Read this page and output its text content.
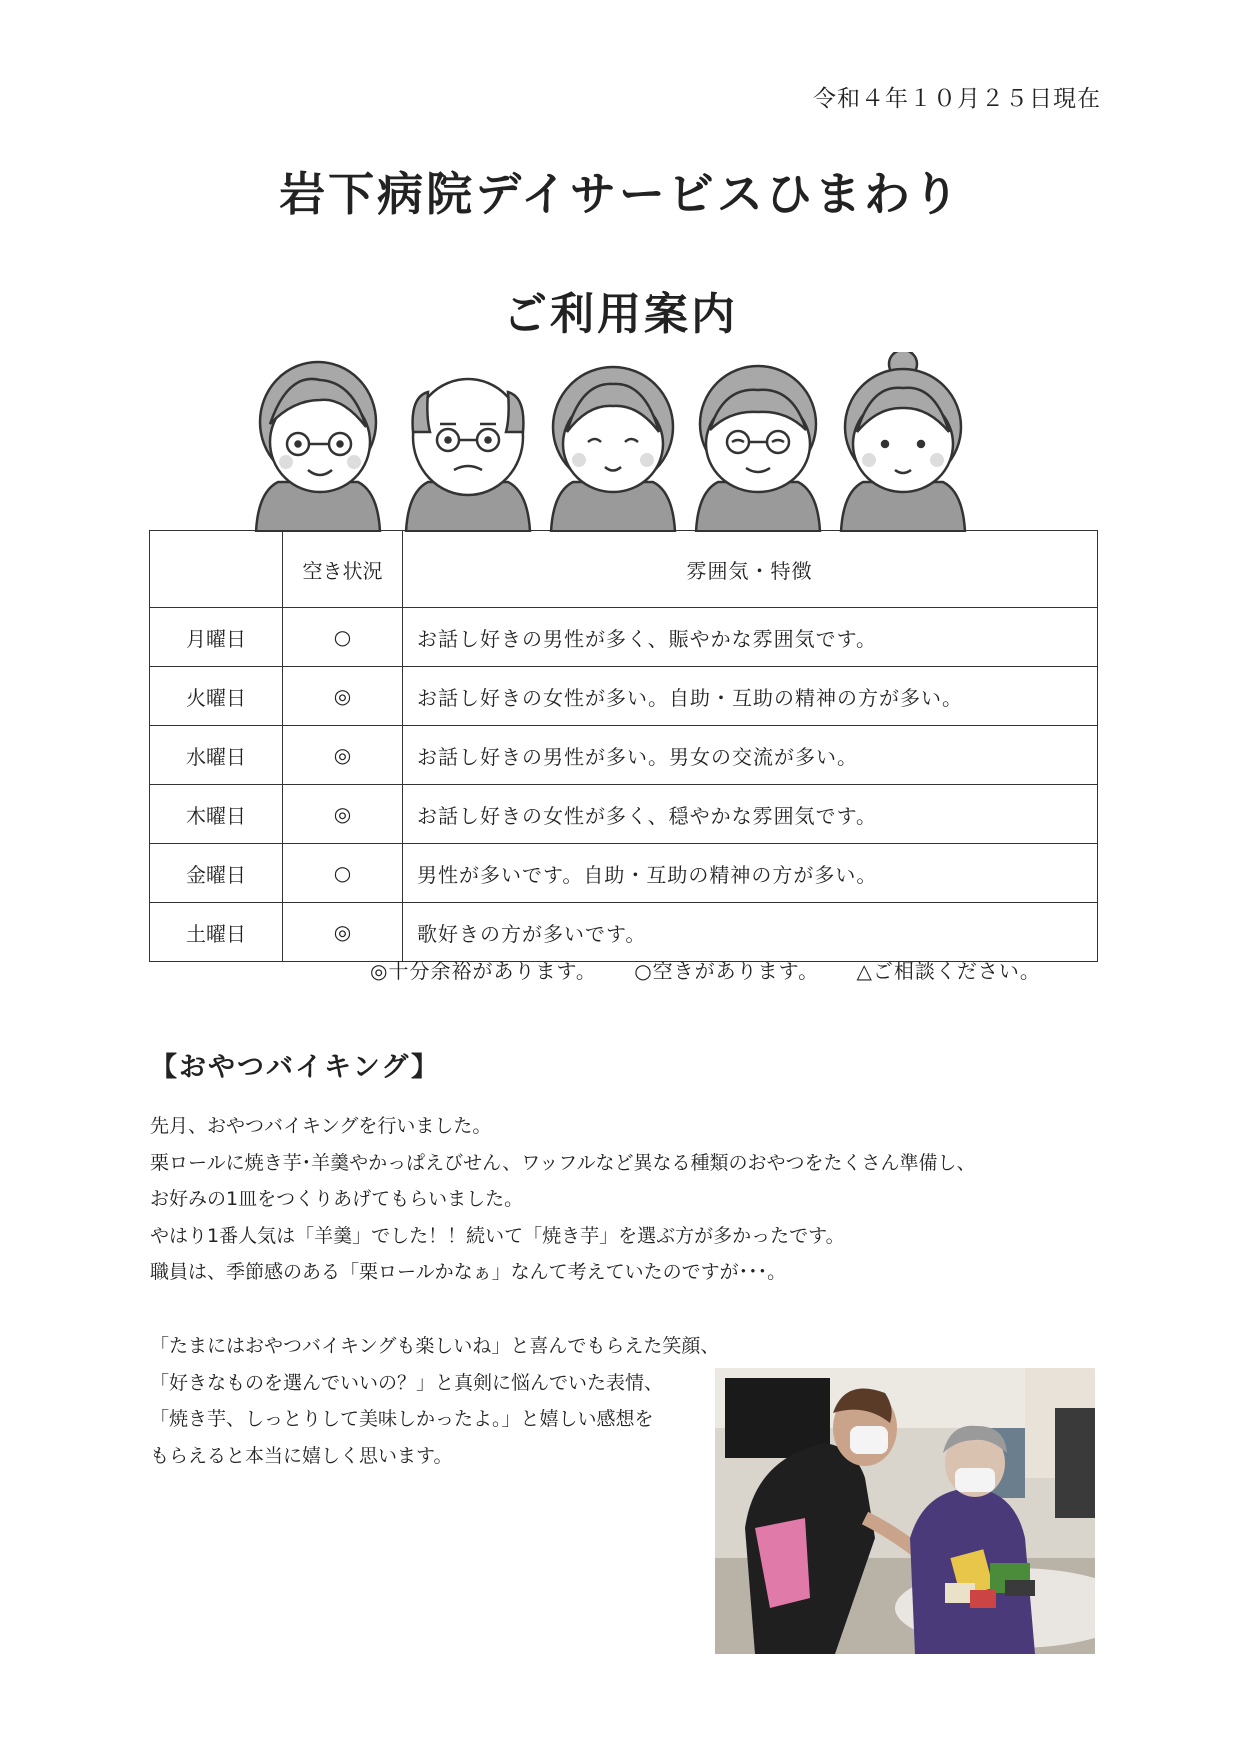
令和４年１０月２５日現在
岩下病院デイサービスひまわり
ご利用案内
	空き状況	雰囲気・特徴
月曜日	○	お話し好きの男性が多く、賑やかな雰囲気です。
火曜日	◎	お話し好きの女性が多い。自助・互助の精神の方が多い。
水曜日	◎	お話し好きの男性が多い。男女の交流が多い。
木曜日	◎	お話し好きの女性が多く、穏やかな雰囲気です。
金曜日	○	男性が多いです。自助・互助の精神の方が多い。
土曜日	◎	歌好きの方が多いです。
◎十分余裕があります。 ○空きがあります。 △ご相談ください。
【おやつバイキング】

先月、おやつバイキングを行いました。

栗ロールに焼き芋･羊羹やかっぱえびせん、ワッフルなど異なる種類のおやつをたくさん準備し、

お好みの1皿をつくりあげてもらいました。

やはり1番人気は「羊羹」でした！！続いて「焼き芋」を選ぶ方が多かったです。

職員は、季節感のある「栗ロールかなぁ」なんて考えていたのですが･･･。

「たまにはおやつバイキングも楽しいね」と喜んでもらえた笑顔、

「好きなものを選んでいいの？」と真剣に悩んでいた表情、

「焼き芋、しっとりして美味しかったよ。」と嬉しい感想を

もらえると本当に嬉しく思います。
